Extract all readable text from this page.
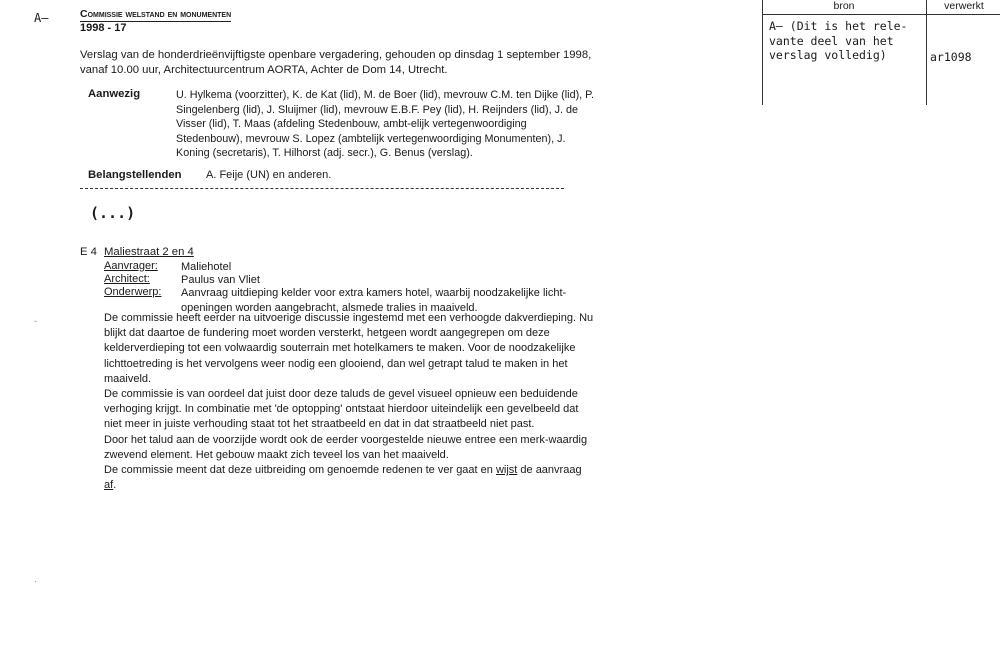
A–	Commissie welstand en monumenten
1998 - 17
Verslag van de honderdrieënvijftigste openbare vergadering, gehouden op dinsdag 1 september 1998, vanaf 10.00 uur, Architectuurcentrum AORTA, Achter de Dom 14, Utrecht.
Aanwezig	U. Hylkema (voorzitter), K. de Kat (lid), M. de Boer (lid), mevrouw C.M. ten Dijke (lid), P. Singelenberg (lid), J. Sluijmer (lid), mevrouw E.B.F. Pey (lid), H. Reijnders (lid), J. de Visser (lid), T. Maas (afdeling Stedenbouw, ambt-elijk vertegenwoordiging Stedenbouw), mevrouw S. Lopez (ambtelijk vertegenwoordiging Monumenten), J. Koning (secretaris), T. Hilhorst (adj. secr.), G. Benus (verslag).
Belangstellenden A. Feije (UN) en anderen.
(...)
E 4 Maliestraat 2 en 4
Aanvrager: Maliehotel
Architect:	Paulus van Vliet
Onderwerp: Aanvraag uitdieping kelder voor extra kamers hotel, waarbij noodzakelijke licht-openingen worden aangebracht, alsmede tralies in maaiveld.

De commissie heeft eerder na uitvoerige discussie ingestemd met een verhoogde dakverdieping. Nu blijkt dat daartoe de fundering moet worden versterkt, hetgeen wordt aangegrepen om deze kelderverdieping tot een volwaardig souterrain met hotelkamers te maken. Voor de noodzakelijke lichttoetreding is het vervolgens weer nodig een glooiend, dan wel getrapt talud te maken in het maaiveld.

De commissie is van oordeel dat juist door deze taluds de gevel visueel opnieuw een beduidende verhoging krijgt. In combinatie met 'de optopping' ontstaat hierdoor uiteindelijk een gevelbeeld dat niet meer in juiste verhouding staat tot het straatbeeld en dat in dat straatbeeld niet past.

Door het talud aan de voorzijde wordt ook de eerder voorgestelde nieuwe entree een merk-waardig zwevend element. Het gebouw maakt zich teveel los van het maaiveld.

De commissie meent dat deze uitbreiding om genoemde redenen te ver gaat en wijst de aanvraag af.

-
·
bron	verwerkt
A– (Dit is het rele-vante deel van het verslag volledig)	ar1098
